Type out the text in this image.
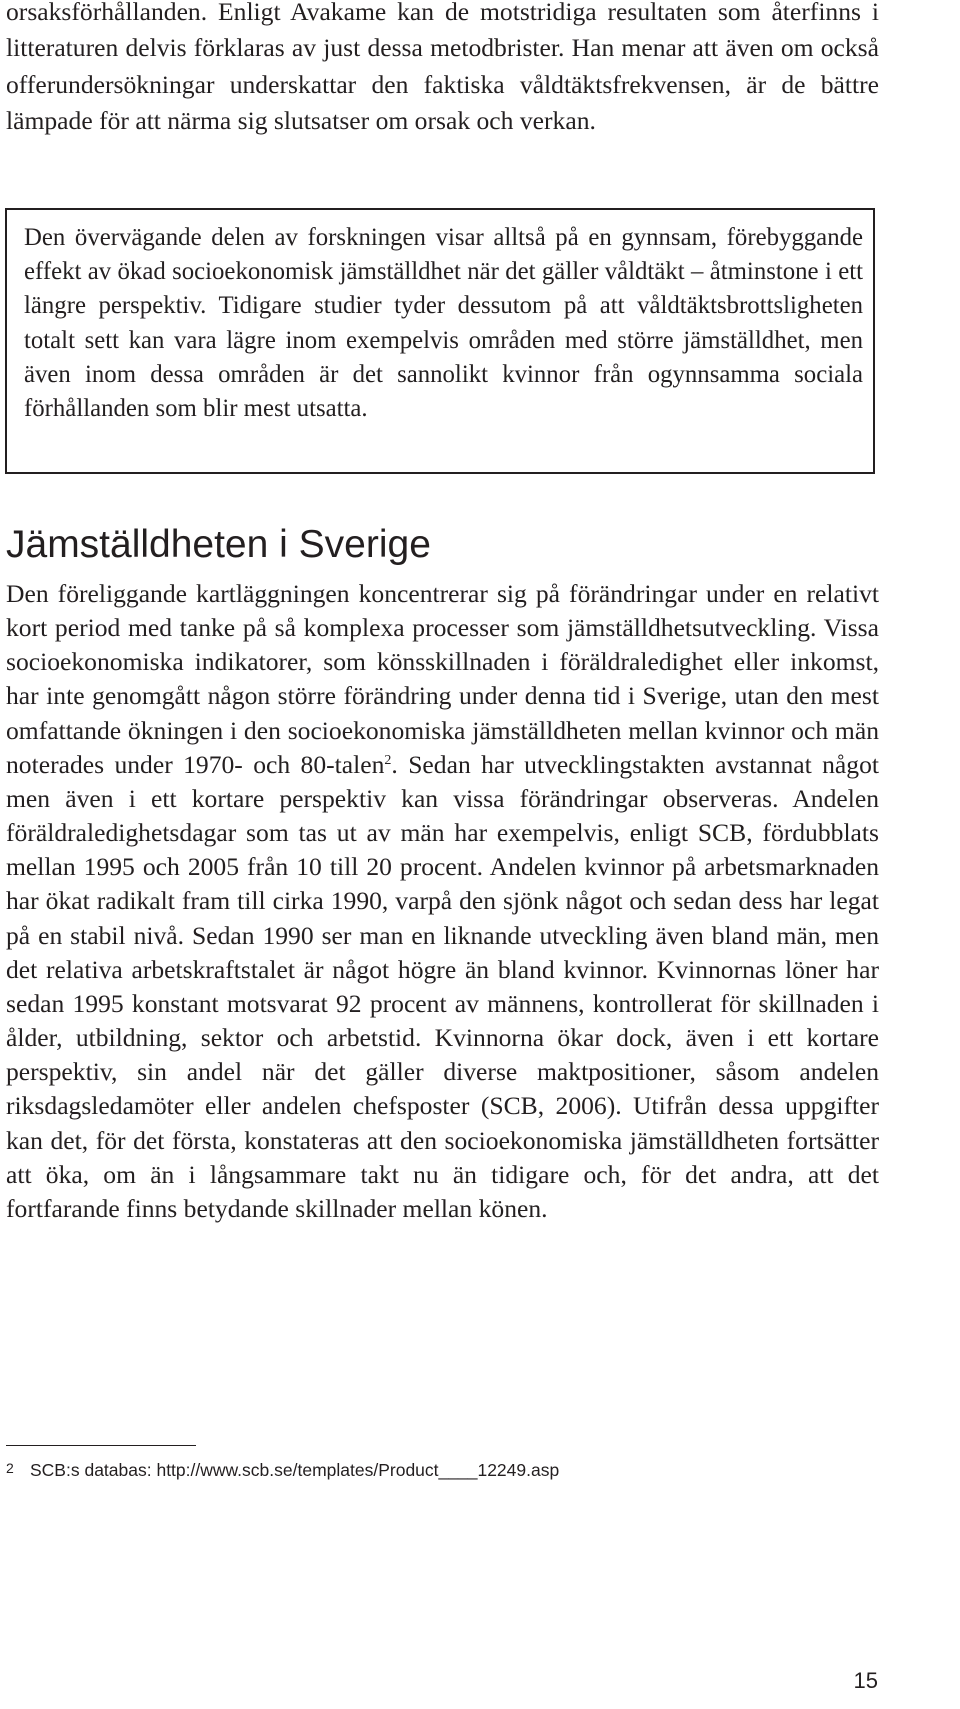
orsaksförhållanden. Enligt Avakame kan de motstridiga resultaten som återfinns i litteraturen delvis förklaras av just dessa metodbrister. Han menar att även om också offerundersökningar underskattar den faktiska våldtäktsfrekvensen, är de bättre lämpade för att närma sig slutsatser om orsak och verkan.

Den övervägande delen av forskningen visar alltså på en gynnsam, förebyggande effekt av ökad socioekonomisk jämställdhet när det gäller våldtäkt – åtminstone i ett längre perspektiv. Tidigare studier tyder dessutom på att våldtäktsbrottsligheten totalt sett kan vara lägre inom exempelvis områden med större jämställdhet, men även inom dessa områden är det sannolikt kvinnor från ogynnsamma sociala förhållanden som blir mest utsatta.

Jämställdheten i Sverige

Den föreliggande kartläggningen koncentrerar sig på förändringar under en relativt kort period med tanke på så komplexa processer som jämställdhetsutveckling. Vissa socioekonomiska indikatorer, som könsskillnaden i föräldraledighet eller inkomst, har inte genomgått någon större förändring under denna tid i Sverige, utan den mest omfattande ökningen i den socioekonomiska jämställdheten mellan kvinnor och män noterades under 1970- och 80-talen$^2$. Sedan har utvecklingstakten avstannat något men även i ett kortare perspektiv kan vissa förändringar observeras. Andelen föräldraledighetsdagar som tas ut av män har exempelvis, enligt SCB, fördubblats mellan 1995 och 2005 från 10 till 20 procent. Andelen kvinnor på arbetsmarknaden har ökat radikalt fram till cirka 1990, varpå den sjönk något och sedan dess har legat på en stabil nivå. Sedan 1990 ser man en liknande utveckling även bland män, men det relativa arbetskraftstalet är något högre än bland kvinnor. Kvinnornas löner har sedan 1995 konstant motsvarat 92 procent av männens, kontrollerat för skillnaden i ålder, utbildning, sektor och arbetstid. Kvinnorna ökar dock, även i ett kortare perspektiv, sin andel när det gäller diverse maktpositioner, såsom andelen riksdagsledamöter eller andelen chefsposter (SCB, 2006). Utifrån dessa uppgifter kan det, för det första, konstateras att den socioekonomiska jämställdheten fortsätter att öka, om än i långsammare takt nu än tidigare och, för det andra, att det fortfarande finns betydande skillnader mellan könen.

2 SCB:s databas: http://www.scb.se/templates/Product____12249.asp
15
